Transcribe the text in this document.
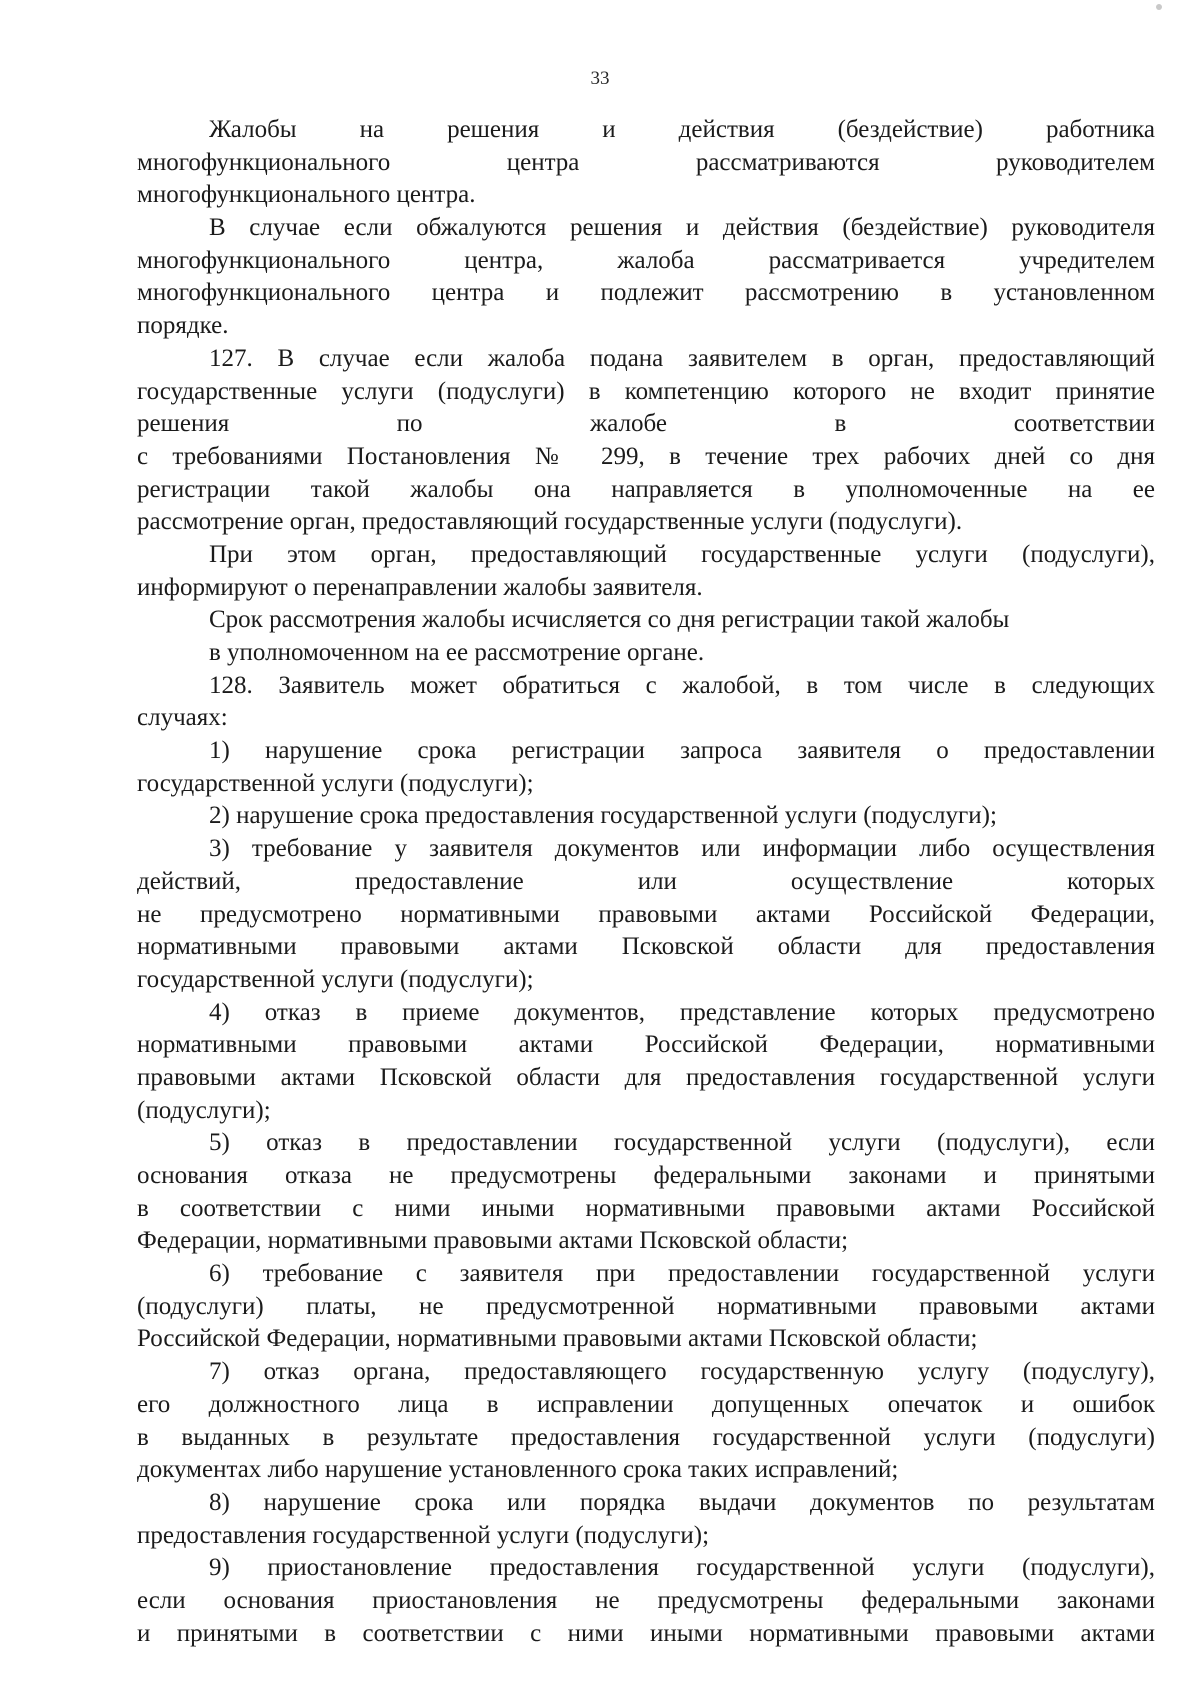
33
Жалобы на решения и действия (бездействие) работника
многофункционального центра рассматриваются руководителем
многофункционального центра.
В случае если обжалуются решения и действия (бездействие) руководителя
многофункционального центра, жалоба рассматривается учредителем
многофункционального центра и подлежит рассмотрению в установленном
порядке.
127. В случае если жалоба подана заявителем в орган, предоставляющий
государственные услуги (подуслуги) в компетенцию которого не входит принятие
решения по жалобе в соответствии
с требованиями Постановления № 299, в течение трех рабочих дней со дня
регистрации такой жалобы она направляется в уполномоченные на ее
рассмотрение орган, предоставляющий государственные услуги (подуслуги).
При этом орган, предоставляющий государственные услуги (подуслуги),
информируют о перенаправлении жалобы заявителя.
Срок рассмотрения жалобы исчисляется со дня регистрации такой жалобы
в уполномоченном на ее рассмотрение органе.
128. Заявитель может обратиться с жалобой, в том числе в следующих
случаях:
1) нарушение срока регистрации запроса заявителя о предоставлении
государственной услуги (подуслуги);
2) нарушение срока предоставления государственной услуги (подуслуги);
3) требование у заявителя документов или информации либо осуществления
действий, предоставление или осуществление которых
не предусмотрено нормативными правовыми актами Российской Федерации,
нормативными правовыми актами Псковской области для предоставления
государственной услуги (подуслуги);
4) отказ в приеме документов, представление которых предусмотрено
нормативными правовыми актами Российской Федерации, нормативными
правовыми актами Псковской области для предоставления государственной услуги
(подуслуги);
5) отказ в предоставлении государственной услуги (подуслуги), если
основания отказа не предусмотрены федеральными законами и принятыми
в соответствии с ними иными нормативными правовыми актами Российской
Федерации, нормативными правовыми актами Псковской области;
6) требование с заявителя при предоставлении государственной услуги
(подуслуги) платы, не предусмотренной нормативными правовыми актами
Российской Федерации, нормативными правовыми актами Псковской области;
7) отказ органа, предоставляющего государственную услугу (подуслугу),
его должностного лица в исправлении допущенных опечаток и ошибок
в выданных в результате предоставления государственной услуги (подуслуги)
документах либо нарушение установленного срока таких исправлений;
8) нарушение срока или порядка выдачи документов по результатам
предоставления государственной услуги (подуслуги);
9) приостановление предоставления государственной услуги (подуслуги),
если основания приостановления не предусмотрены федеральными законами
и принятыми в соответствии с ними иными нормативными правовыми актами
